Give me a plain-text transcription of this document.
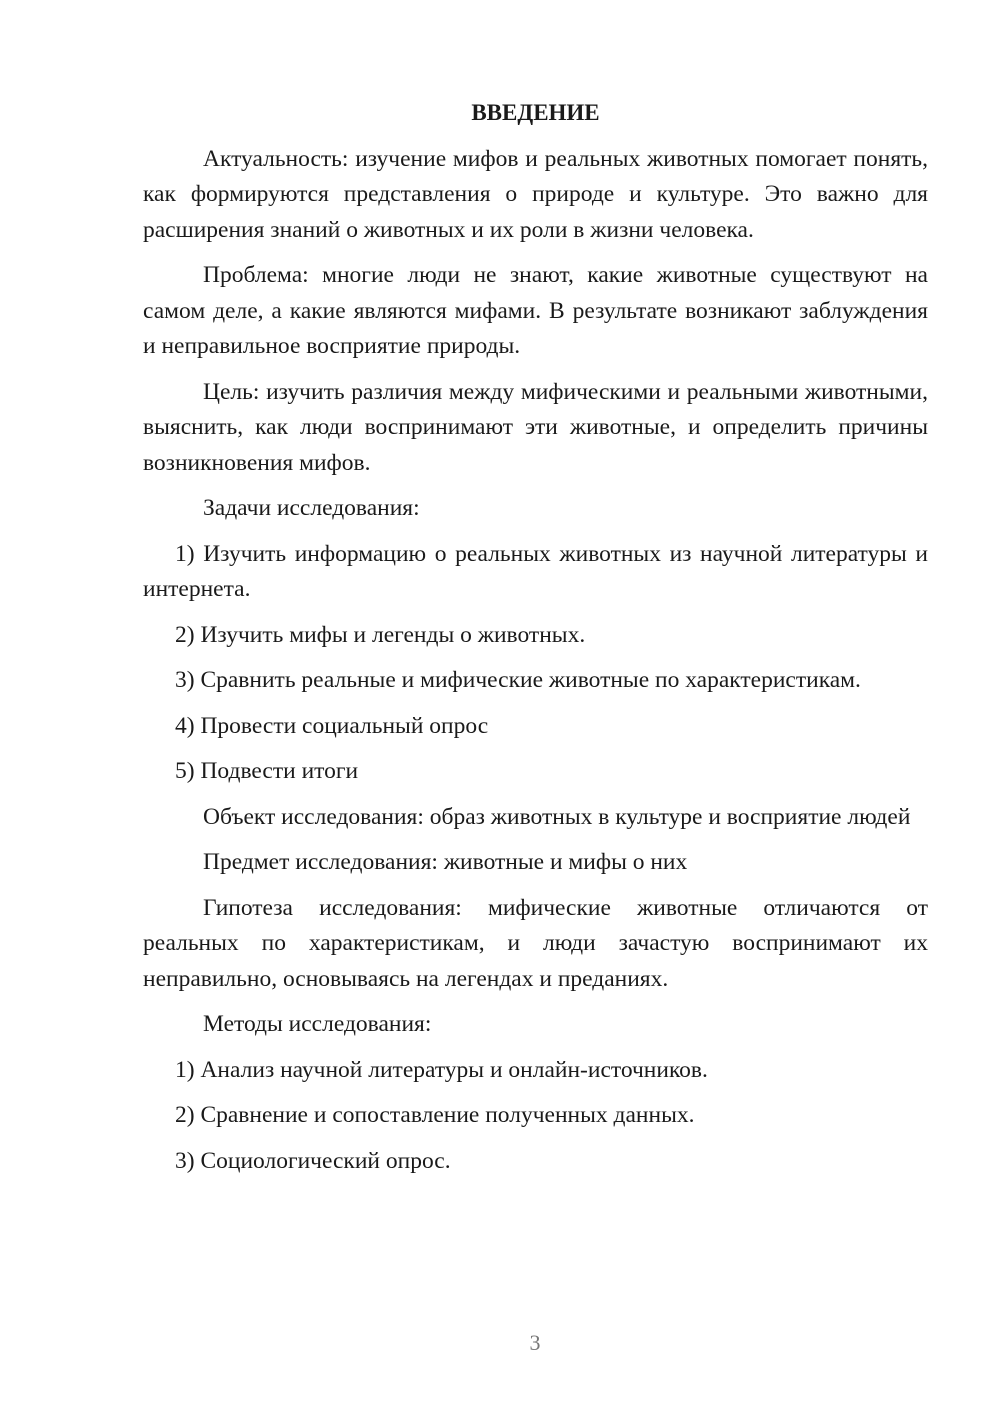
ВВЕДЕНИЕ

Актуальность: изучение мифов и реальных животных помогает понять, как формируются представления о природе и культуре. Это важно для расширения знаний о животных и их роли в жизни человека.

Проблема: многие люди не знают, какие животные существуют на самом деле, а какие являются мифами. В результате возникают заблуждения и неправильное восприятие природы.

Цель: изучить различия между мифическими и реальными животными, выяснить, как люди воспринимают эти животные, и определить причины возникновения мифов.

Задачи исследования:

1) Изучить информацию о реальных животных из научной литературы и интернета.

2) Изучить мифы и легенды о животных.

3) Сравнить реальные и мифические животные по характеристикам.

4) Провести социальный опрос

5) Подвести итоги

Объект исследования: образ животных в культуре и восприятие людей

Предмет исследования: животные и мифы о них

Гипотеза исследования: мифические животные отличаются от реальных по характеристикам, и люди зачастую воспринимают их неправильно, основываясь на легендах и преданиях.

Методы исследования:

1) Анализ научной литературы и онлайн-источников.

2) Сравнение и сопоставление полученных данных.

3) Социологический опрос.

3
